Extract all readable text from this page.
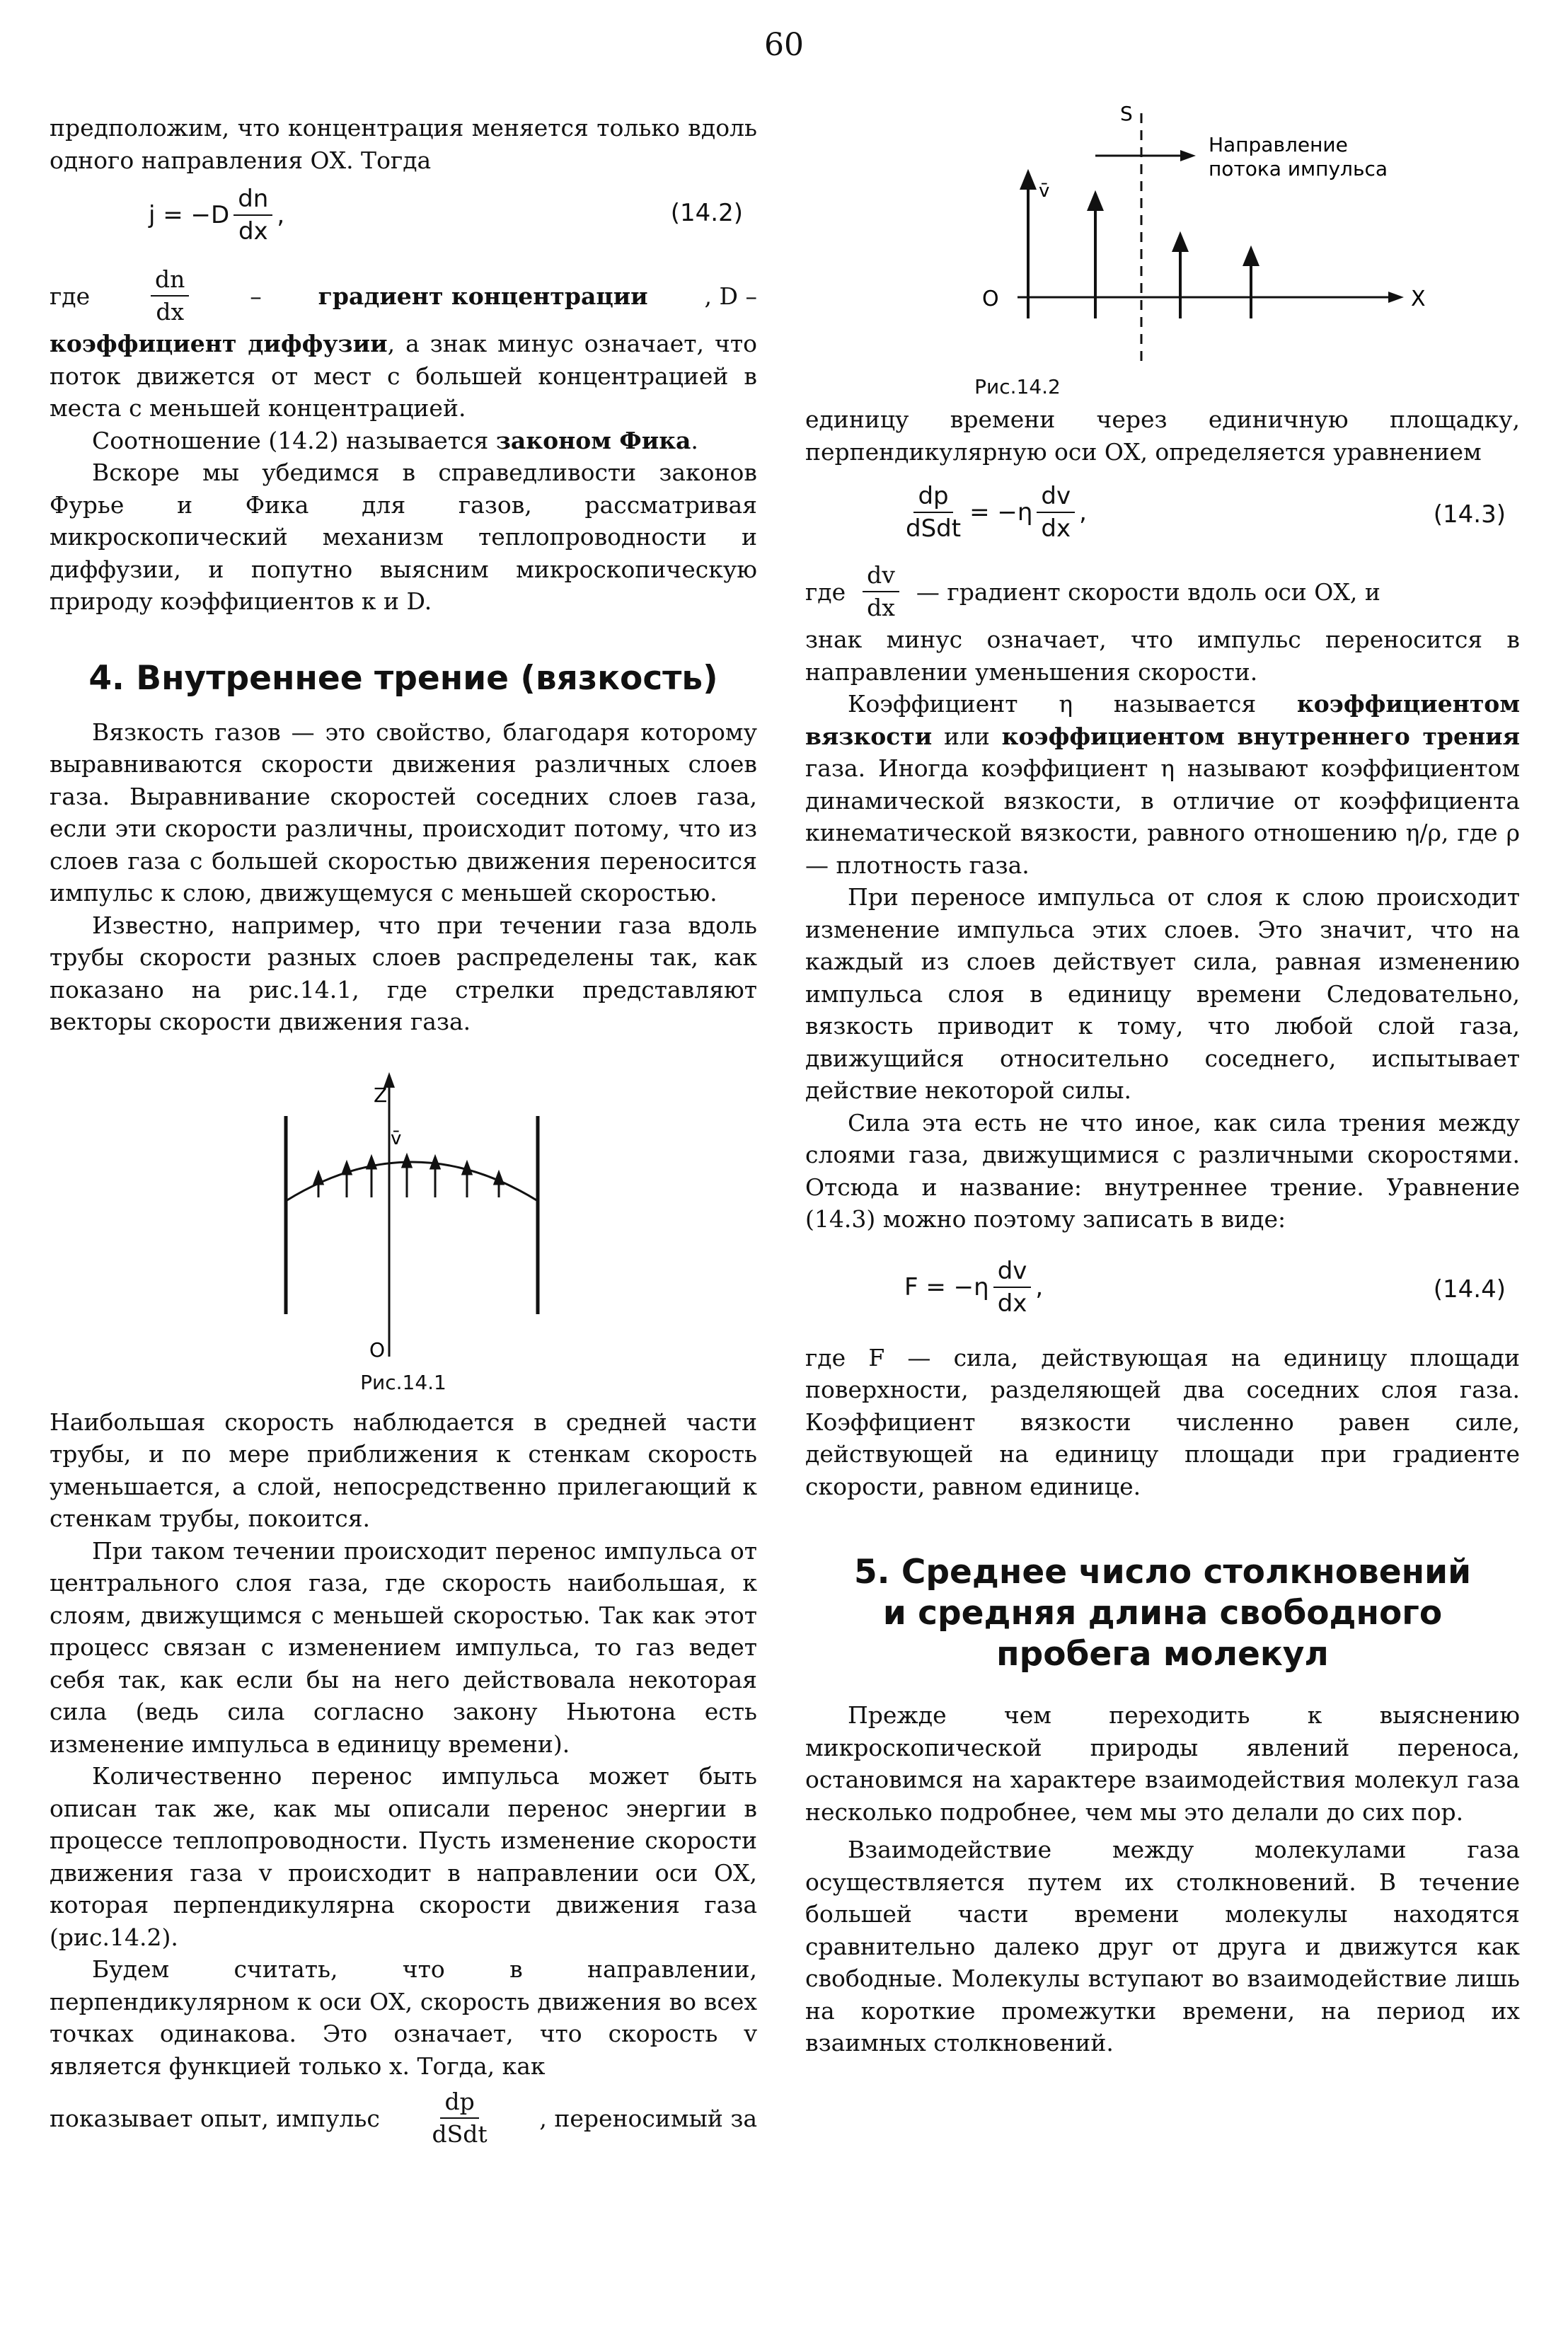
60

предположим, что концентрация меняется только вдоль одного направления ОХ. Тогда

$j = -D \frac{dn}{dx}$ ,	(14.2)
где	$\frac{dn}{dx}$	– градиент концентрации , D –

коэффициент диффузии, а знак минус означает, что поток движется от мест с большей концентрацией в места с меньшей концентрацией.

Соотношение (14.2) называется законом Фика.

Вскоре мы убедимся в справедливости законов Фурье и Фика для газов, рассматривая микроскопический механизм теплопроводности и диффузии, и попутно выясним микроскопическую природу коэффициентов κ и D.

4. Внутреннее трение (вязкость)

Вязкость газов — это свойство, благодаря которому выравниваются скорости движения различных слоев газа. Выравнивание скоростей соседних слоев газа, если эти скорости различны, происходит потому, что из слоев газа с большей скоростью движения переносится импульс к слою, движущемуся с меньшей скоростью.

Известно, например, что при течении газа вдоль трубы скорости разных слоев распределены так, как показано на рис.14.1, где стрелки представляют векторы скорости движения газа.

Z
v̄
O
Рис.14.1

Наибольшая скорость наблюдается в средней части трубы, и по мере приближения к стенкам скорость уменьшается, а слой, непосредственно прилегающий к стенкам трубы, покоится.

При таком течении происходит перенос импульса от центрального слоя газа, где скорость наибольшая, к слоям, движущимся с меньшей скоростью. Так как этот процесс связан с изменением импульса, то газ ведет себя так, как если бы на него действовала некоторая сила (ведь сила согласно закону Ньютона есть изменение импульса в единицу времени).

Количественно перенос импульса может быть описан так же, как мы описали перенос энергии в процессе теплопроводности. Пусть изменение скорости движения газа v происходит в направлении оси ОХ, которая перпендикулярна скорости движения газа (рис.14.2).

Будем считать, что в направлении, перпендикулярном к оси ОХ, скорость движения во всех точках одинакова. Это означает, что скорость v является функцией только x. Тогда, как

показывает опыт, импульс $\frac{dp}{\text{dSdt}}$ , переносимый за
S
Направление
потока импульса
v̄
O	X
Рис.14.2

единицу времени через единичную площадку, перпендикулярную оси ОХ, определяется уравнением

$\frac{dp}{\text{dSdt}} = -\eta \frac{dv}{dx}$ ,	(14.3)
где $\frac{dv}{dx}$ — градиент скорости вдоль оси ОХ, и

знак минус означает, что импульс переносится в направлении уменьшения скорости.

Коэффициент η называется коэффициентом вязкости или коэффициентом внутреннего трения газа. Иногда коэффициент η называют коэффициентом динамической вязкости, в отличие от коэффициента кинематической вязкости, равного отношению η/ρ, где ρ — плотность газа.

При переносе импульса от слоя к слою происходит изменение импульса этих слоев. Это значит, что на каждый из слоев действует сила, равная изменению импульса слоя в единицу времени Следовательно, вязкость приводит к тому, что любой слой газа, движущийся относительно соседнего, испытывает действие некоторой силы.

Сила эта есть не что иное, как сила трения между слоями газа, движущимися с различными скоростями. Отсюда и название: внутреннее трение. Уравнение (14.3) можно поэтому записать в виде:

$F = -\eta \frac{dv}{dx}$ ,	(14.4)

где F — сила, действующая на единицу площади поверхности, разделяющей два соседних слоя газа. Коэффициент вязкости численно равен силе, действующей на единицу площади при градиенте скорости, равном единице.

5. Среднее число столкновений и средняя длина свободного пробега молекул

Прежде чем переходить к выяснению микроскопической природы явлений переноса, остановимся на характере взаимодействия молекул газа несколько подробнее, чем мы это делали до сих пор.

Взаимодействие между молекулами газа осуществляется путем их столкновений. В течение большей части времени молекулы находятся сравнительно далеко друг от друга и движутся как свободные. Молекулы вступают во взаимодействие лишь на короткие промежутки времени, на период их взаимных столкновений.
